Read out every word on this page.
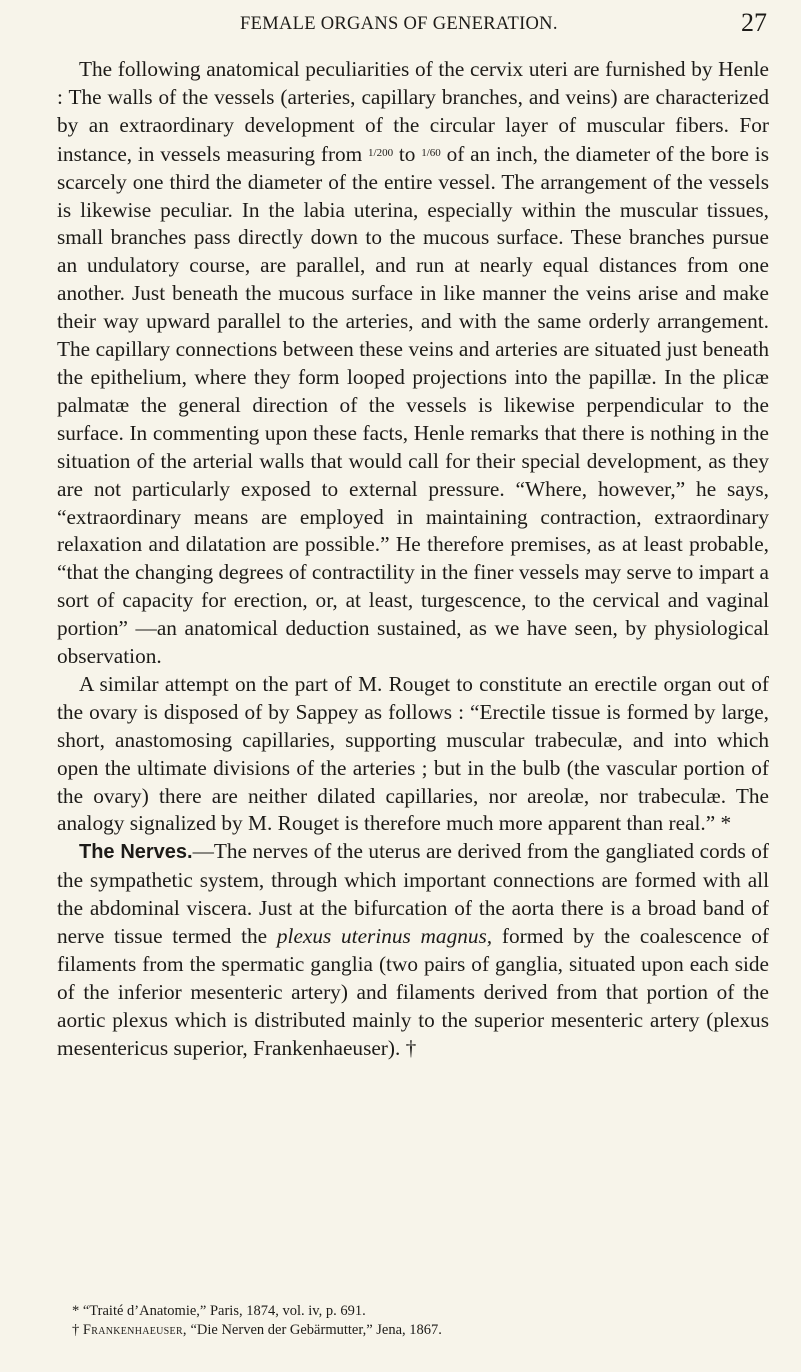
FEMALE ORGANS OF GENERATION.	27

The following anatomical peculiarities of the cervix uteri are furnished by Henle : The walls of the vessels (arteries, capillary branches, and veins) are characterized by an extraordinary development of the circular layer of muscular fibers. For instance, in vessels measuring from $^{1/200}$ to $^{1/60}$ of an inch, the diameter of the bore is scarcely one third the diameter of the entire vessel. The arrangement of the vessels is likewise peculiar. In the labia uterina, especially within the muscular tissues, small branches pass directly down to the mucous surface. These branches pursue an undulatory course, are parallel, and run at nearly equal distances from one another. Just beneath the mucous surface in like manner the veins arise and make their way upward parallel to the arteries, and with the same orderly arrangement. The capillary connections between these veins and arteries are situated just beneath the epithelium, where they form looped projections into the papillæ. In the plicæ palmatæ the general direction of the vessels is likewise perpendicular to the surface. In commenting upon these facts, Henle remarks that there is nothing in the situation of the arterial walls that would call for their special development, as they are not particularly exposed to external pressure. “Where, however,” he says, “extraordinary means are employed in maintaining contraction, extraordinary relaxation and dilatation are possible.” He therefore premises, as at least probable, “that the changing degrees of contractility in the finer vessels may serve to impart a sort of capacity for erection, or, at least, turgescence, to the cervical and vaginal portion” —an anatomical deduction sustained, as we have seen, by physiological observation.

A similar attempt on the part of M. Rouget to constitute an erectile organ out of the ovary is disposed of by Sappey as follows : “Erectile tissue is formed by large, short, anastomosing capillaries, supporting muscular trabeculæ, and into which open the ultimate divisions of the arteries ; but in the bulb (the vascular portion of the ovary) there are neither dilated capillaries, nor areolæ, nor trabeculæ. The analogy signalized by M. Rouget is therefore much more apparent than real.” *

The Nerves.—The nerves of the uterus are derived from the gangliated cords of the sympathetic system, through which important connections are formed with all the abdominal viscera. Just at the bifurcation of the aorta there is a broad band of nerve tissue termed the plexus uterinus magnus, formed by the coalescence of filaments from the spermatic ganglia (two pairs of ganglia, situated upon each side of the inferior mesenteric artery) and filaments derived from that portion of the aortic plexus which is distributed mainly to the superior mesenteric artery (plexus mesentericus superior, Frankenhaeuser). †

* “Traité d’Anatomie,” Paris, 1874, vol. iv, p. 691.
† Frankenhaeuser, “Die Nerven der Gebärmutter,” Jena, 1867.
